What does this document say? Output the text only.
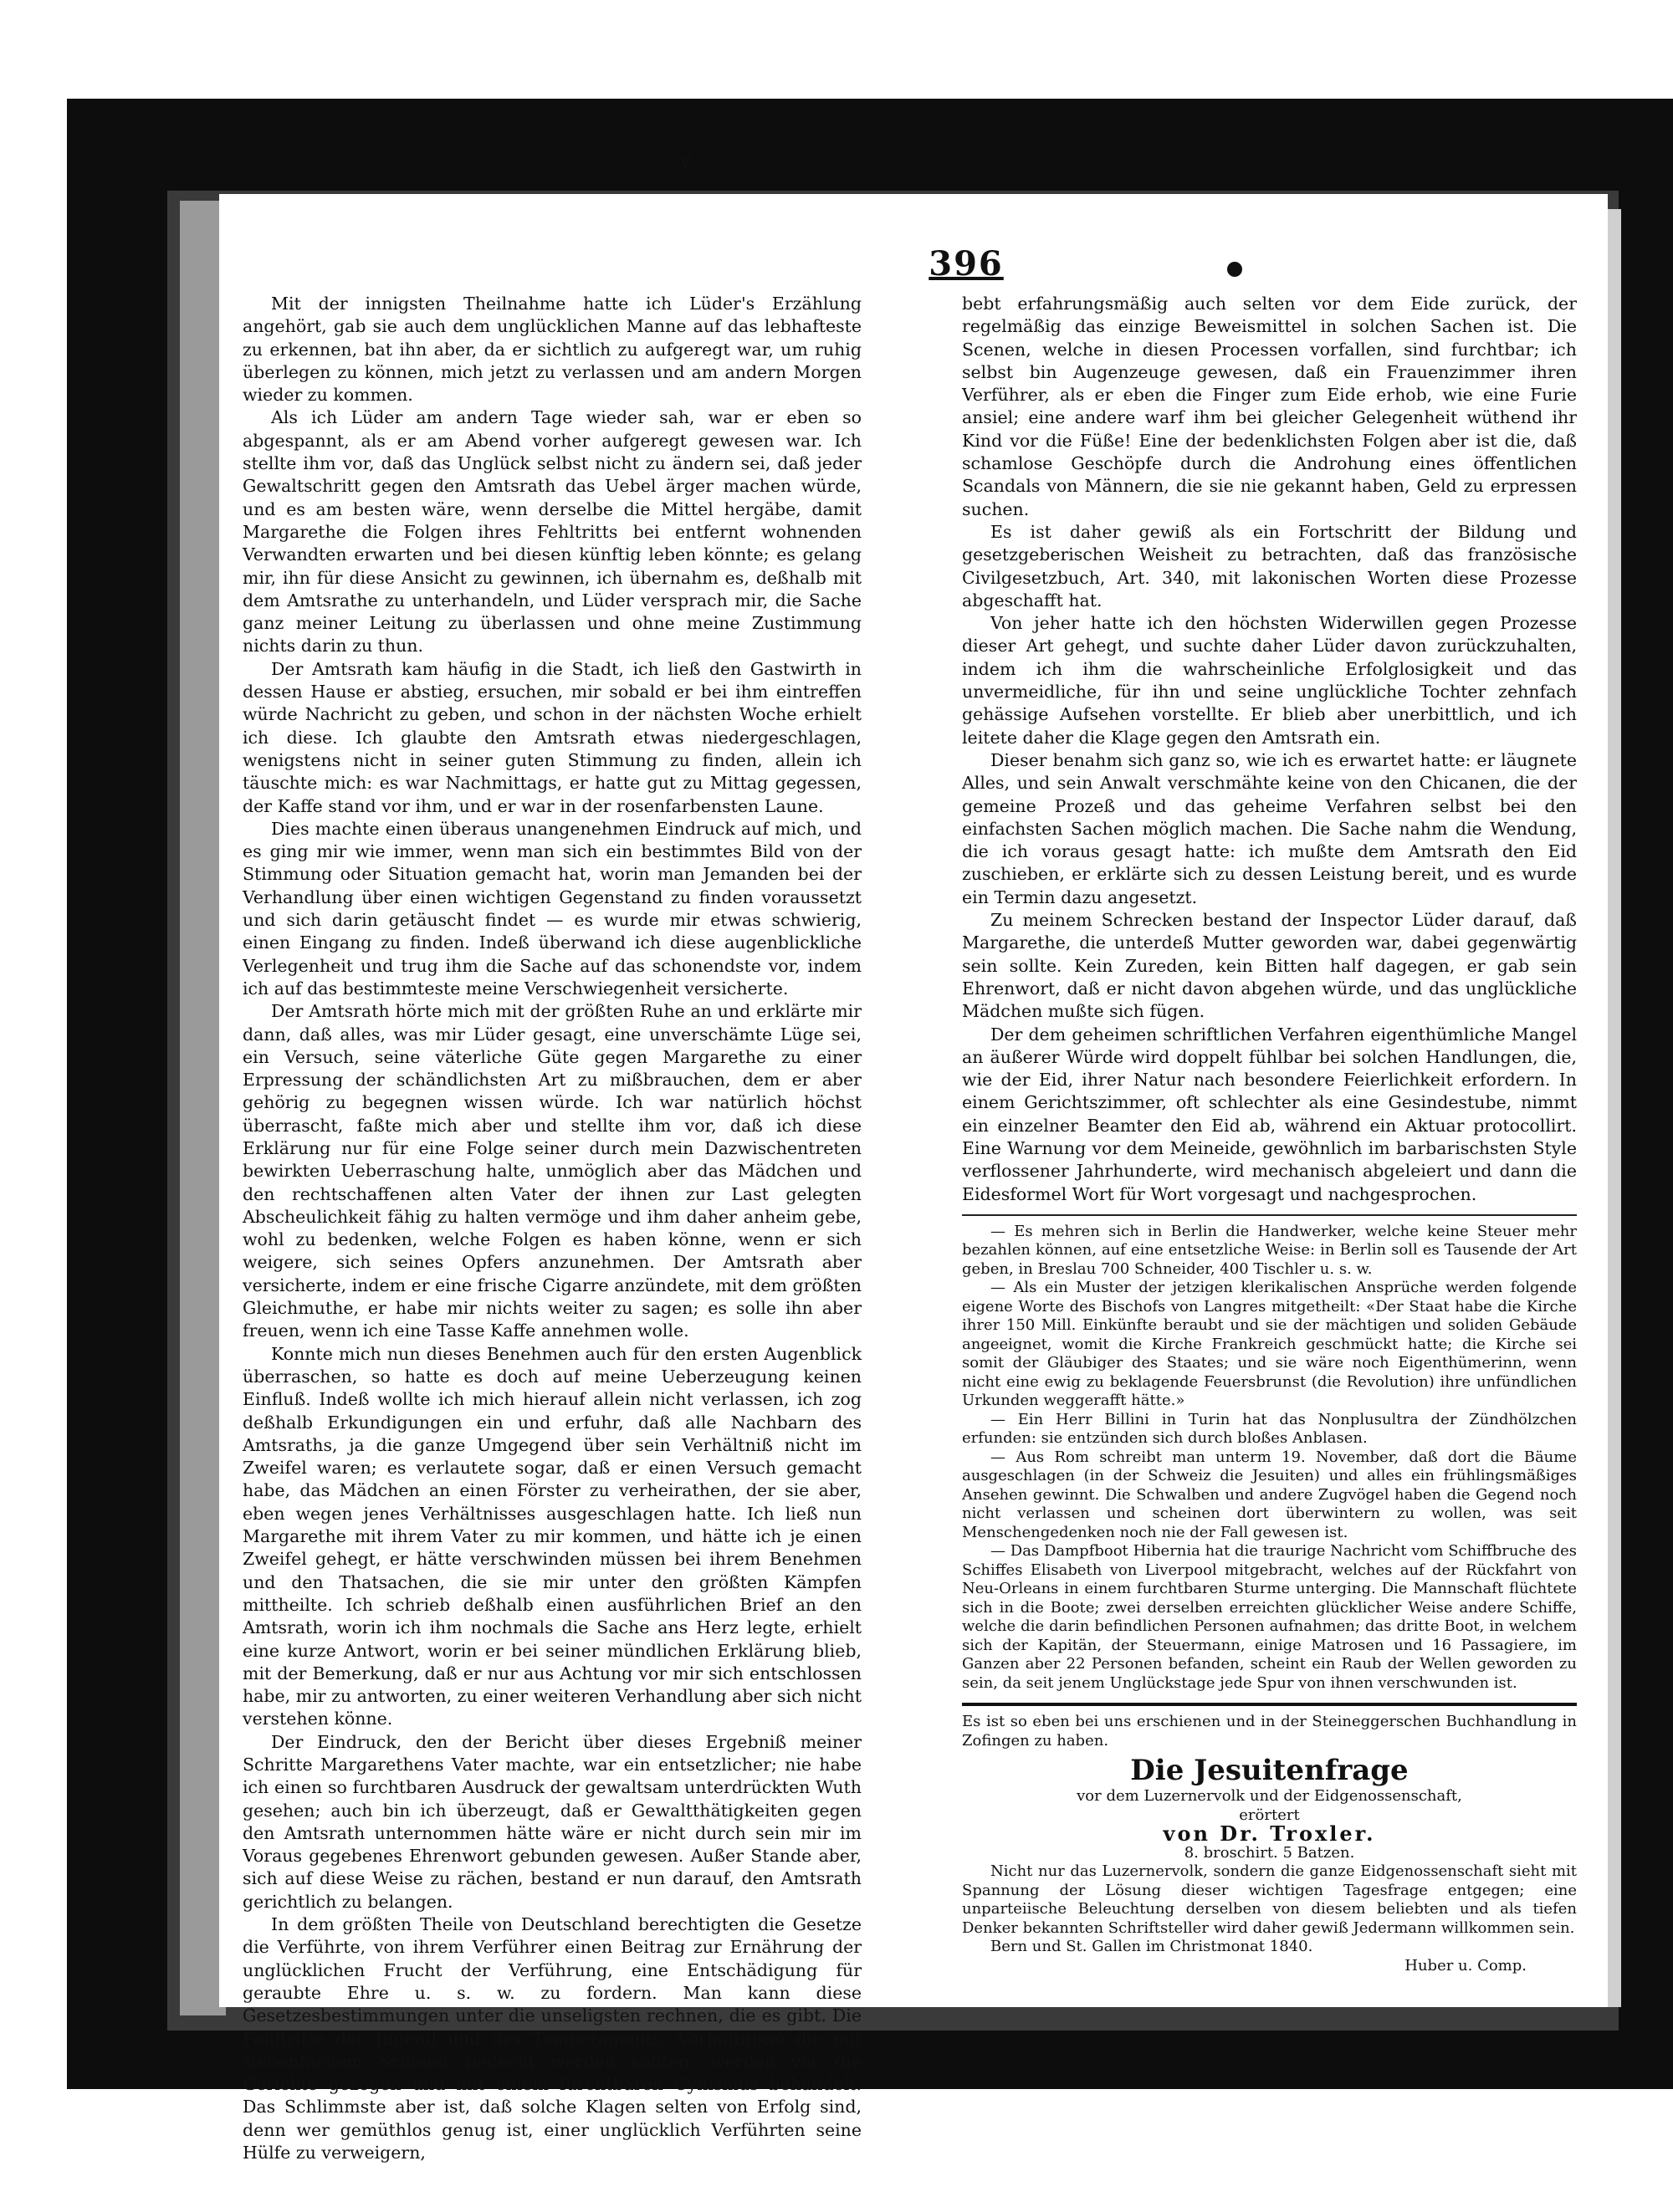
v
396

Mit der innigsten Theilnahme hatte ich Lüder's Erzählung angehört, gab sie auch dem unglücklichen Manne auf das lebhafteste zu erkennen, bat ihn aber, da er sichtlich zu aufgeregt war, um ruhig überlegen zu können, mich jetzt zu verlassen und am andern Morgen wieder zu kommen.

Als ich Lüder am andern Tage wieder sah, war er eben so abgespannt, als er am Abend vorher aufgeregt gewesen war. Ich stellte ihm vor, daß das Unglück selbst nicht zu ändern sei, daß jeder Gewaltschritt gegen den Amtsrath das Uebel ärger machen würde, und es am besten wäre, wenn derselbe die Mittel hergäbe, damit Margarethe die Folgen ihres Fehltritts bei entfernt wohnenden Verwandten erwarten und bei diesen künftig leben könnte; es gelang mir, ihn für diese Ansicht zu gewinnen, ich übernahm es, deßhalb mit dem Amtsrathe zu unterhandeln, und Lüder versprach mir, die Sache ganz meiner Leitung zu überlassen und ohne meine Zustimmung nichts darin zu thun.

Der Amtsrath kam häufig in die Stadt, ich ließ den Gastwirth in dessen Hause er abstieg, ersuchen, mir sobald er bei ihm eintreffen würde Nachricht zu geben, und schon in der nächsten Woche erhielt ich diese. Ich glaubte den Amtsrath etwas niedergeschlagen, wenigstens nicht in seiner guten Stimmung zu finden, allein ich täuschte mich: es war Nachmittags, er hatte gut zu Mittag gegessen, der Kaffe stand vor ihm, und er war in der rosenfarbensten Laune.

Dies machte einen überaus unangenehmen Eindruck auf mich, und es ging mir wie immer, wenn man sich ein bestimmtes Bild von der Stimmung oder Situation gemacht hat, worin man Jemanden bei der Verhandlung über einen wichtigen Gegenstand zu finden voraussetzt und sich darin getäuscht findet — es wurde mir etwas schwierig, einen Eingang zu finden. Indeß überwand ich diese augenblickliche Verlegenheit und trug ihm die Sache auf das schonendste vor, indem ich auf das bestimmteste meine Verschwiegenheit versicherte.

Der Amtsrath hörte mich mit der größten Ruhe an und erklärte mir dann, daß alles, was mir Lüder gesagt, eine unverschämte Lüge sei, ein Versuch, seine väterliche Güte gegen Margarethe zu einer Erpressung der schändlichsten Art zu mißbrauchen, dem er aber gehörig zu begegnen wissen würde. Ich war natürlich höchst überrascht, faßte mich aber und stellte ihm vor, daß ich diese Erklärung nur für eine Folge seiner durch mein Dazwischentreten bewirkten Ueberraschung halte, unmöglich aber das Mädchen und den rechtschaffenen alten Vater der ihnen zur Last gelegten Abscheulichkeit fähig zu halten vermöge und ihm daher anheim gebe, wohl zu bedenken, welche Folgen es haben könne, wenn er sich weigere, sich seines Opfers anzunehmen. Der Amtsrath aber versicherte, indem er eine frische Cigarre anzündete, mit dem größten Gleichmuthe, er habe mir nichts weiter zu sagen; es solle ihn aber freuen, wenn ich eine Tasse Kaffe annehmen wolle.

Konnte mich nun dieses Benehmen auch für den ersten Augenblick überraschen, so hatte es doch auf meine Ueberzeugung keinen Einfluß. Indeß wollte ich mich hierauf allein nicht verlassen, ich zog deßhalb Erkundigungen ein und erfuhr, daß alle Nachbarn des Amtsraths, ja die ganze Umgegend über sein Verhältniß nicht im Zweifel waren; es verlautete sogar, daß er einen Versuch gemacht habe, das Mädchen an einen Förster zu verheirathen, der sie aber, eben wegen jenes Verhältnisses ausgeschlagen hatte. Ich ließ nun Margarethe mit ihrem Vater zu mir kommen, und hätte ich je einen Zweifel gehegt, er hätte verschwinden müssen bei ihrem Benehmen und den Thatsachen, die sie mir unter den größten Kämpfen mittheilte. Ich schrieb deßhalb einen ausführlichen Brief an den Amtsrath, worin ich ihm nochmals die Sache ans Herz legte, erhielt eine kurze Antwort, worin er bei seiner mündlichen Erklärung blieb, mit der Bemerkung, daß er nur aus Achtung vor mir sich entschlossen habe, mir zu antworten, zu einer weiteren Verhandlung aber sich nicht verstehen könne.

Der Eindruck, den der Bericht über dieses Ergebniß meiner Schritte Margarethens Vater machte, war ein entsetzlicher; nie habe ich einen so furchtbaren Ausdruck der gewaltsam unterdrückten Wuth gesehen; auch bin ich überzeugt, daß er Gewaltthätigkeiten gegen den Amtsrath unternommen hätte wäre er nicht durch sein mir im Voraus gegebenes Ehrenwort gebunden gewesen. Außer Stande aber, sich auf diese Weise zu rächen, bestand er nun darauf, den Amtsrath gerichtlich zu belangen.

In dem größten Theile von Deutschland berechtigten die Gesetze die Verführte, von ihrem Verführer einen Beitrag zur Ernährung der unglücklichen Frucht der Verführung, eine Entschädigung für geraubte Ehre u. s. w. zu fordern. Man kann diese Gesetzesbestimmungen unter die unseligsten rechnen, die es gibt. Die Fehltritte der Jugend und des Temperaments, Verhältnisse die mit siebenfachem Schleier bedeckt werden sollten, werden vor die Gerichte gezogen und mit einem furchtbaren Cynismus behandelt. Das Schlimmste aber ist, daß solche Klagen selten von Erfolg sind, denn wer gemüthlos genug ist, einer unglücklich Verführten seine Hülfe zu verweigern,

bebt erfahrungsmäßig auch selten vor dem Eide zurück, der regelmäßig das einzige Beweismittel in solchen Sachen ist. Die Scenen, welche in diesen Processen vorfallen, sind furchtbar; ich selbst bin Augenzeuge gewesen, daß ein Frauenzimmer ihren Verführer, als er eben die Finger zum Eide erhob, wie eine Furie ansiel; eine andere warf ihm bei gleicher Gelegenheit wüthend ihr Kind vor die Füße! Eine der bedenklichsten Folgen aber ist die, daß schamlose Geschöpfe durch die Androhung eines öffentlichen Scandals von Männern, die sie nie gekannt haben, Geld zu erpressen suchen.

Es ist daher gewiß als ein Fortschritt der Bildung und gesetzgeberischen Weisheit zu betrachten, daß das französische Civilgesetzbuch, Art. 340, mit lakonischen Worten diese Prozesse abgeschafft hat.

Von jeher hatte ich den höchsten Widerwillen gegen Prozesse dieser Art gehegt, und suchte daher Lüder davon zurückzuhalten, indem ich ihm die wahrscheinliche Erfolglosigkeit und das unvermeidliche, für ihn und seine unglückliche Tochter zehnfach gehässige Aufsehen vorstellte. Er blieb aber unerbittlich, und ich leitete daher die Klage gegen den Amtsrath ein.

Dieser benahm sich ganz so, wie ich es erwartet hatte: er läugnete Alles, und sein Anwalt verschmähte keine von den Chicanen, die der gemeine Prozeß und das geheime Verfahren selbst bei den einfachsten Sachen möglich machen. Die Sache nahm die Wendung, die ich voraus gesagt hatte: ich mußte dem Amtsrath den Eid zuschieben, er erklärte sich zu dessen Leistung bereit, und es wurde ein Termin dazu angesetzt.

Zu meinem Schrecken bestand der Inspector Lüder darauf, daß Margarethe, die unterdeß Mutter geworden war, dabei gegenwärtig sein sollte. Kein Zureden, kein Bitten half dagegen, er gab sein Ehrenwort, daß er nicht davon abgehen würde, und das unglückliche Mädchen mußte sich fügen.

Der dem geheimen schriftlichen Verfahren eigenthümliche Mangel an äußerer Würde wird doppelt fühlbar bei solchen Handlungen, die, wie der Eid, ihrer Natur nach besondere Feierlichkeit erfordern. In einem Gerichtszimmer, oft schlechter als eine Gesindestube, nimmt ein einzelner Beamter den Eid ab, während ein Aktuar protocollirt. Eine Warnung vor dem Meineide, gewöhnlich im barbarischsten Style verflossener Jahrhunderte, wird mechanisch abgeleiert und dann die Eidesformel Wort für Wort vorgesagt und nachgesprochen.

— Es mehren sich in Berlin die Handwerker, welche keine Steuer mehr bezahlen können, auf eine entsetzliche Weise: in Berlin soll es Tausende der Art geben, in Breslau 700 Schneider, 400 Tischler u. s. w.

— Als ein Muster der jetzigen klerikalischen Ansprüche werden folgende eigene Worte des Bischofs von Langres mitgetheilt: «Der Staat habe die Kirche ihrer 150 Mill. Einkünfte beraubt und sie der mächtigen und soliden Gebäude angeeignet, womit die Kirche Frankreich geschmückt hatte; die Kirche sei somit der Gläubiger des Staates; und sie wäre noch Eigenthümerinn, wenn nicht eine ewig zu beklagende Feuersbrunst (die Revolution) ihre unfündlichen Urkunden weggerafft hätte.»

— Ein Herr Billini in Turin hat das Nonplusultra der Zündhölzchen erfunden: sie entzünden sich durch bloßes Anblasen.

— Aus Rom schreibt man unterm 19. November, daß dort die Bäume ausgeschlagen (in der Schweiz die Jesuiten) und alles ein frühlingsmäßiges Ansehen gewinnt. Die Schwalben und andere Zugvögel haben die Gegend noch nicht verlassen und scheinen dort überwintern zu wollen, was seit Menschengedenken noch nie der Fall gewesen ist.

— Das Dampfboot Hibernia hat die traurige Nachricht vom Schiffbruche des Schiffes Elisabeth von Liverpool mitgebracht, welches auf der Rückfahrt von Neu-Orleans in einem furchtbaren Sturme unterging. Die Mannschaft flüchtete sich in die Boote; zwei derselben erreichten glücklicher Weise andere Schiffe, welche die darin befindlichen Personen aufnahmen; das dritte Boot, in welchem sich der Kapitän, der Steuermann, einige Matrosen und 16 Passagiere, im Ganzen aber 22 Personen befanden, scheint ein Raub der Wellen geworden zu sein, da seit jenem Unglückstage jede Spur von ihnen verschwunden ist.

Es ist so eben bei uns erschienen und in der Steineggerschen Buchhandlung in Zofingen zu haben.

Die Jesuitenfrage

vor dem Luzernervolk und der Eidgenossenschaft,

erörtert

von Dr. Troxler.

8. broschirt. 5 Batzen.

Nicht nur das Luzernervolk, sondern die ganze Eidgenossenschaft sieht mit Spannung der Lösung dieser wichtigen Tagesfrage entgegen; eine unparteiische Beleuchtung derselben von diesem beliebten und als tiefen Denker bekannten Schriftsteller wird daher gewiß Jedermann willkommen sein.

Bern und St. Gallen im Christmonat 1840.

Huber u. Comp.
